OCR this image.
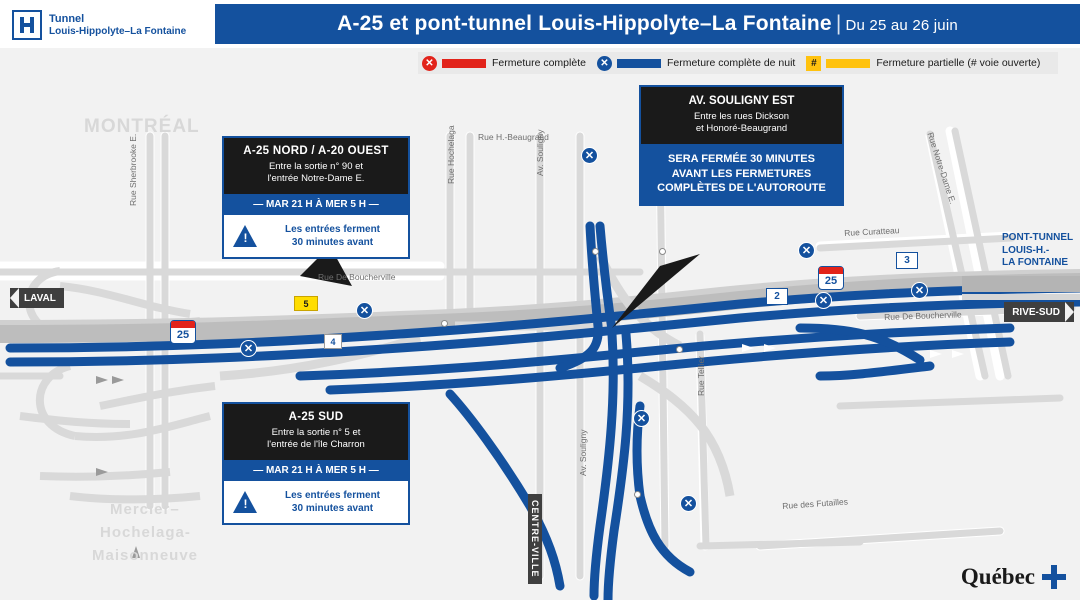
Tunnel
Louis-Hippolyte–La Fontaine	A-25 et pont-tunnel Louis-Hippolyte–La Fontaine | Du 25 au 26 juin
✕	Fermeture complète	✕	Fermeture complète de nuit	#	Fermeture partielle (# voie ouverte)
MONTRÉAL
Mercier–
Hochelaga-
Maisonneuve
Rue Sherbrooke E.	Rue H.-Beaugrand
Rue Hochelaga	Av. Souligny
Rue De Boucherville
Rue Curatteau
Rue Notre-Dame E.
Rue De Boucherville
Rue Tellier
Av. Souligny
Rue des Futailles
PONT-TUNNEL
LOUIS-H.-
LA FONTAINE
LAVAL
RIVE-SUD
CENTRE-VILLE
25
25
2
3
5
4
✕
✕
✕
✕
✕
✕
✕
✕
A-25 NORD / A-20 OUEST
Entre la sortie n° 90 et
l'entrée Notre-Dame E.
— MAR 21 H À MER 5 H —
!
Les entrées ferment
30 minutes avant
A-25 SUD
Entre la sortie n° 5 et
l'entrée de l'île Charron
— MAR 21 H À MER 5 H —
!
Les entrées ferment
30 minutes avant
AV. SOULIGNY EST
Entre les rues Dickson
et Honoré-Beaugrand
SERA FERMÉE 30 MINUTES
AVANT LES FERMETURES
COMPLÈTES DE L'AUTOROUTE
Québec
